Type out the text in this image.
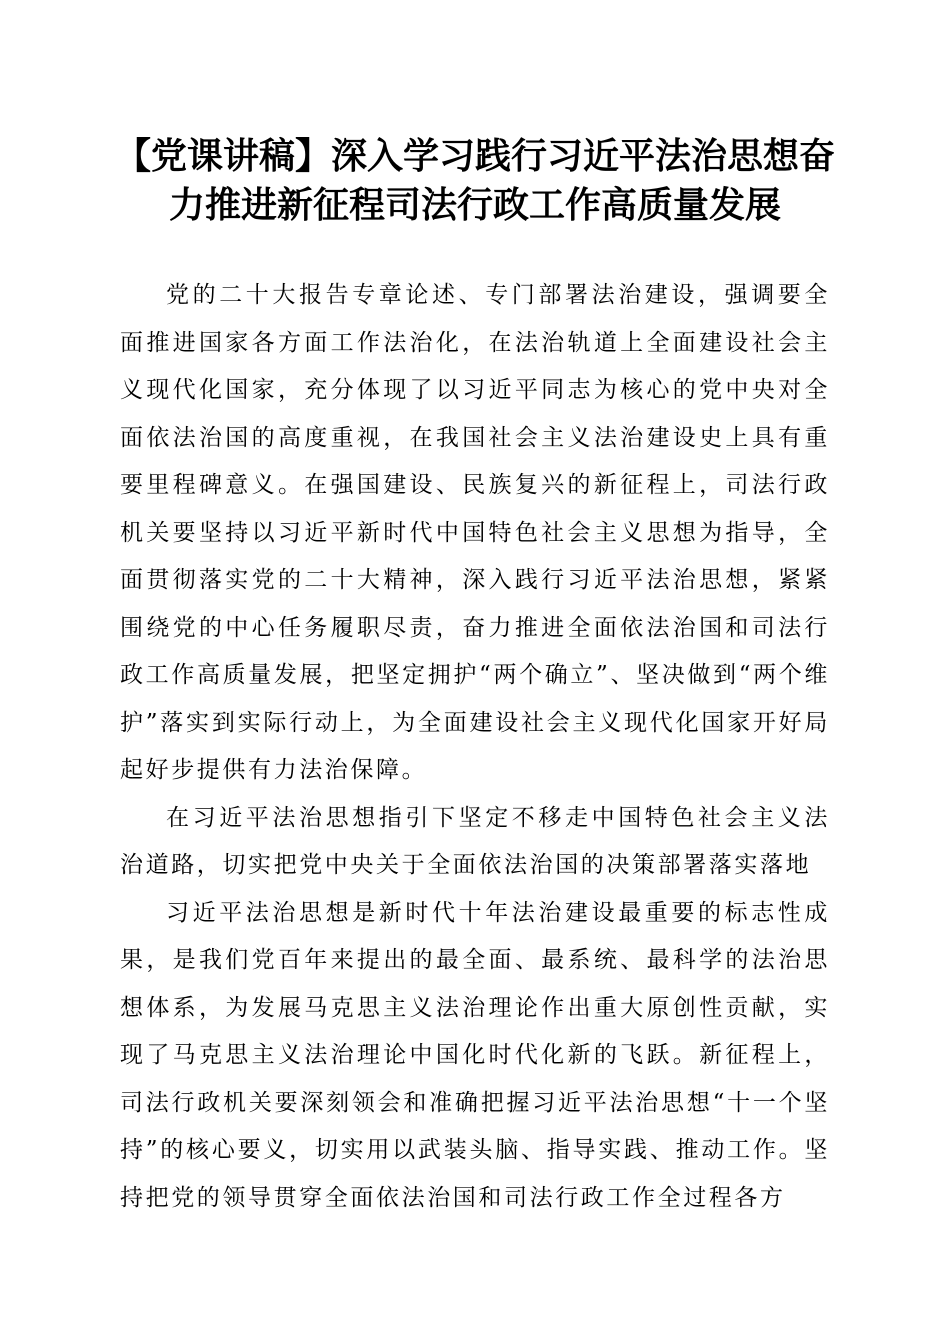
【党课讲稿】深入学习践行习近平法治思想奋力推进新征程司法行政工作高质量发展

党的二十大报告专章论述、专门部署法治建设，强调要全面推进国家各方面工作法治化，在法治轨道上全面建设社会主义现代化国家，充分体现了以习近平同志为核心的党中央对全面依法治国的高度重视，在我国社会主义法治建设史上具有重要里程碑意义。在强国建设、民族复兴的新征程上，司法行政机关要坚持以习近平新时代中国特色社会主义思想为指导，全面贯彻落实党的二十大精神，深入践行习近平法治思想，紧紧围绕党的中心任务履职尽责，奋力推进全面依法治国和司法行政工作高质量发展，把坚定拥护“两个确立”、坚决做到“两个维护”落实到实际行动上，为全面建设社会主义现代化国家开好局起好步提供有力法治保障。

在习近平法治思想指引下坚定不移走中国特色社会主义法治道路，切实把党中央关于全面依法治国的决策部署落实落地

习近平法治思想是新时代十年法治建设最重要的标志性成果，是我们党百年来提出的最全面、最系统、最科学的法治思想体系，为发展马克思主义法治理论作出重大原创性贡献，实现了马克思主义法治理论中国化时代化新的飞跃。新征程上，司法行政机关要深刻领会和准确把握习近平法治思想“十一个坚持”的核心要义，切实用以武装头脑、指导实践、推动工作。坚持把党的领导贯穿全面依法治国和司法行政工作全过程各方
